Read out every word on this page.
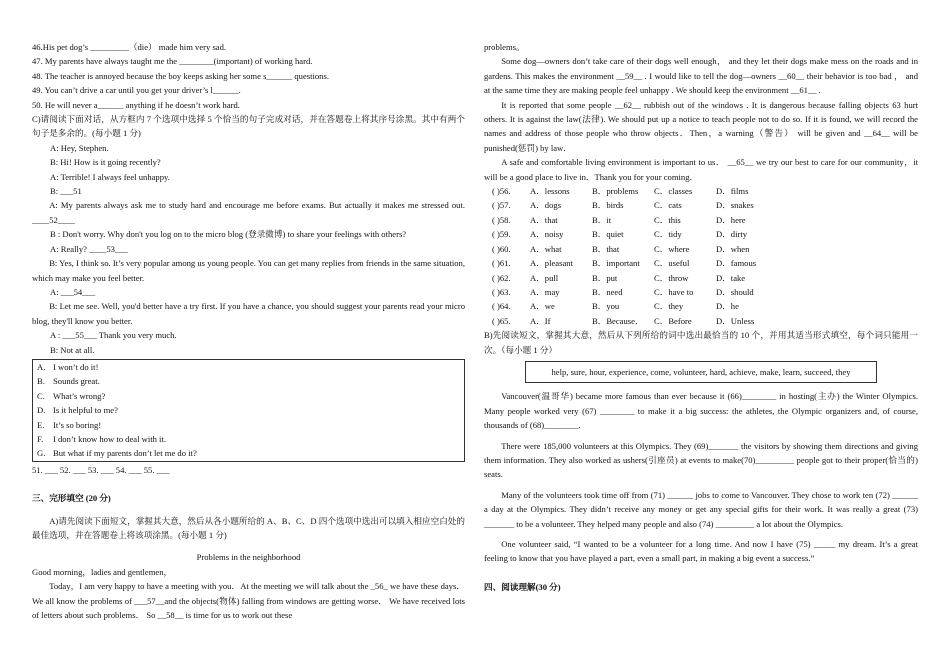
46.His pet dog’s _________（die） made him very sad.

47. My parents have always taught me the ________(important) of working hard.

48. The teacher is annoyed because the boy keeps asking her some s______ questions.

49. You can’t drive a car until you get your driver’s l______.

50. He will never a______ anything if he doesn’t work hard.

C)请阅读下面对话，从方框内 7 个选项中选择 5 个恰当的句子完成对话，并在答题卷上将其序号涂黑。其中有两个句子是多余的。(每小题 1 分)

A: Hey, Stephen.

B: Hi! How is it going recently?

A: Terrible! I always feel unhappy.

B: ___51

A: My parents always ask me to study hard and encourage me before exams. But actually it makes me stressed out. ____52____

B : Don't worry. Why don't you log on to the micro blog (登录微博) to share your feelings with others?

A: Really? ____53___

B: Yes, I think so. It’s very popular among us young people. You can get many replies from friends in the same situation, which may make you feel better.

A: ___54___

B: Let me see. Well, you'd better have a try first. If you have a chance, you should suggest your parents read your micro blog, they'll know you better.

A : ___55___ Thank you very much.

B: Not at all.

A. I won’t do it!
B. Sounds great.
C. What’s wrong?
D. Is it helpful to me?
E. It’s so boring!
F.	I don’t know how to deal with it.
G. But what if my parents don’t let me do it?

51. ___ 52. ___ 53. ___ 54. ___ 55. ___

三、完形填空 (20 分)

A)请先阅读下面短文，掌握其大意，然后从各小题所给的 A、B、C、D 四个选项中选出可以填入相应空白处的最佳选项，并在答题卷上将该项涂黑。(每小题 1 分)

Problems in the neighborhood

Good morning，ladies and gentlemen，

Today，I am very happy to have a meeting with you．At the meeting we will talk about the _56_ we have these days． We all know the problems of ___57__and the objects(物体) falling from windows are getting worse． We have received lots of letters about such problems． So __58__ is time for us to work out these

problems。

Some dog—owners don’t take care of their dogs well enough， and they let their dogs make mess on the roads and in gardens. This makes the environment __59__ . I would like to tell the dog—owners __60__ their behavior is too bad ， and at the same time they are making people feel unhappy . We should keep the environment __61__ .

It is reported that some people __62__ rubbish out of the windows . It is dangerous because falling objects 63 hurt others. It is against the law(法律). We should put up a notice to teach people not to do so. If it is found, we will record the names and address of those people who throw objects．Then，a warning（警告） will be given and __64__ will be punished(惩罚) by law．

A safe and comfortable living environment is important to us． __65__ we try our best to care for our community，it will be a good place to live in．Thank you for your coming．

( )56.	A．lessons	B．problems	C．classes	D．films
( )57.	A．dogs	B．birds	C．cats	D．snakes
( )58.	A．that	B．it	C．this	D．here
( )59.	A．noisy	B．quiet	C．tidy	D．dirty
( )60.	A．what	B．that	C．where	D．when
( )61.	A．pleasant	B．important	C．useful	D．famous
( )62.	A．pull	B．put	C．throw	D．take
( )63.	A．may	B．need	C．have to	D．should
( )64.	A．we	B．you	C．they	D．he
( )65.	A．If	B．Because．	C．Before	D．Unless

B)先阅读短文，掌握其大意，然后从下列所给的词中选出最恰当的 10 个，并用其适当形式填空，每个词只能用一次。（每小题 1 分）

help, sure, hour, experience, come, volunteer, hard, achieve, make, learn, succeed, they

Vancouver(温哥华) became more famous than ever because it (66)________ in hosting(主办) the Winter Olympics. Many people worked very (67) ________ to make it a big success: the athletes, the Olympic organizers and, of course, thousands of (68)________.

There were 185,000 volunteers at this Olympics. They (69)_______ the visitors by showing them directions and giving them information. They also worked as ushers(引座员) at events to make(70)_________ people got to their proper(恰当的) seats.

Many of the volunteers took time off from (71) ______ jobs to come to Vancouver. They chose to work ten (72) ______ a day at the Olympics. They didn’t receive any money or get any special gifts for their work. It was really a great (73) _______ to be a volunteer. They helped many people and also (74) _________ a lot about the Olympics.

One volunteer said, “I wanted to be a volunteer for a long time. And now I have (75) _____ my dream. It’s a great feeling to know that you have played a part, even a small part, in making a big event a success.”

四、阅读理解(30 分)
